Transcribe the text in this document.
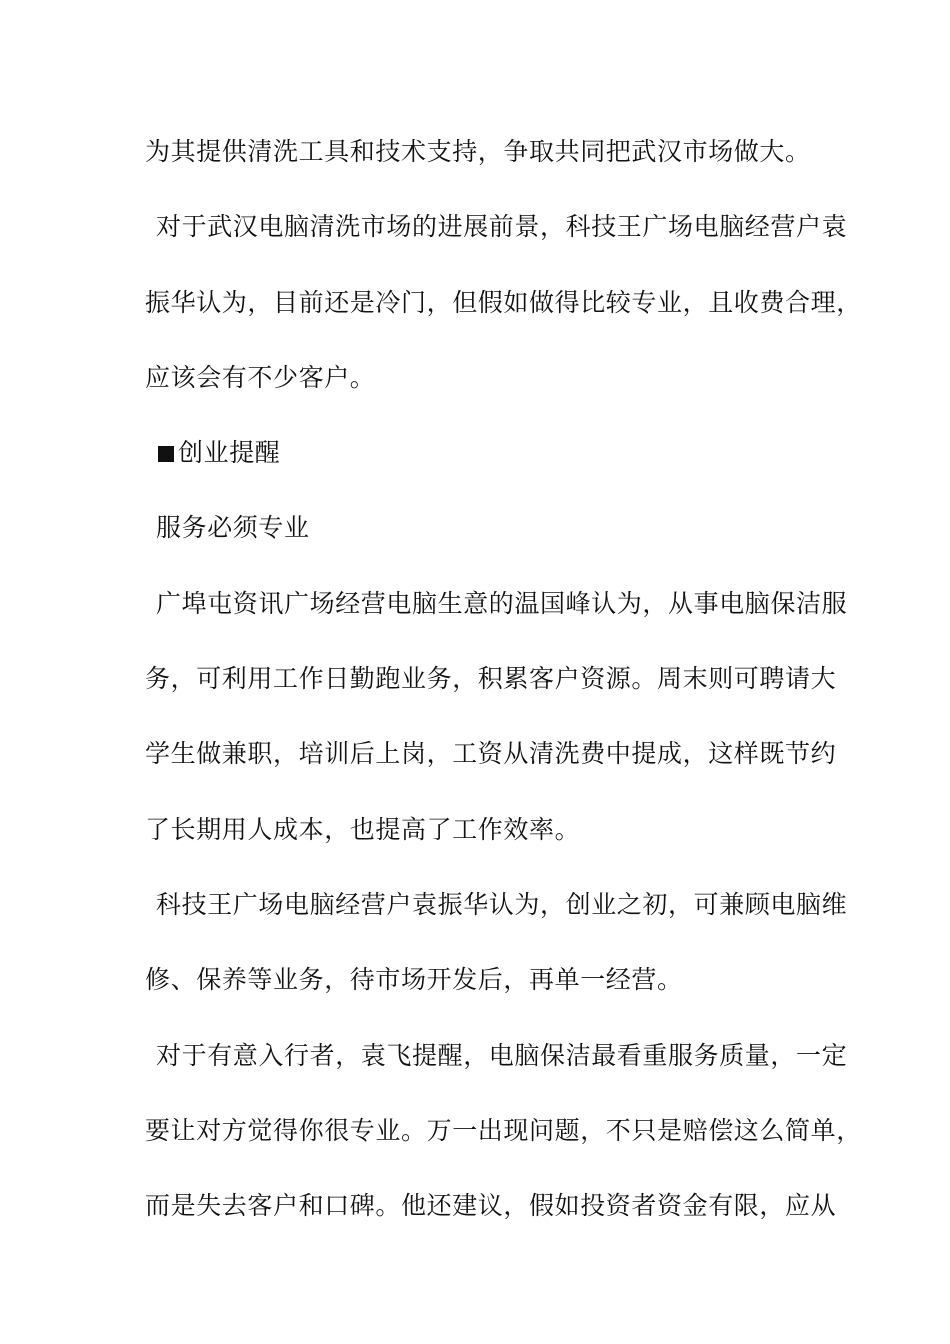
为其提供清洗工具和技术支持，争取共同把武汉市场做大。
对于武汉电脑清洗市场的进展前景，科技王广场电脑经营户袁
振华认为，目前还是冷门，但假如做得比较专业，且收费合理，
应该会有不少客户。
创业提醒
服务必须专业
广埠屯资讯广场经营电脑生意的温国峰认为，从事电脑保洁服
务，可利用工作日勤跑业务，积累客户资源。周末则可聘请大
学生做兼职，培训后上岗，工资从清洗费中提成，这样既节约
了长期用人成本，也提高了工作效率。
科技王广场电脑经营户袁振华认为，创业之初，可兼顾电脑维
修、保养等业务，待市场开发后，再单一经营。
对于有意入行者，袁飞提醒，电脑保洁最看重服务质量，一定
要让对方觉得你很专业。万一出现问题，不只是赔偿这么简单，
而是失去客户和口碑。他还建议，假如投资者资金有限，应从
